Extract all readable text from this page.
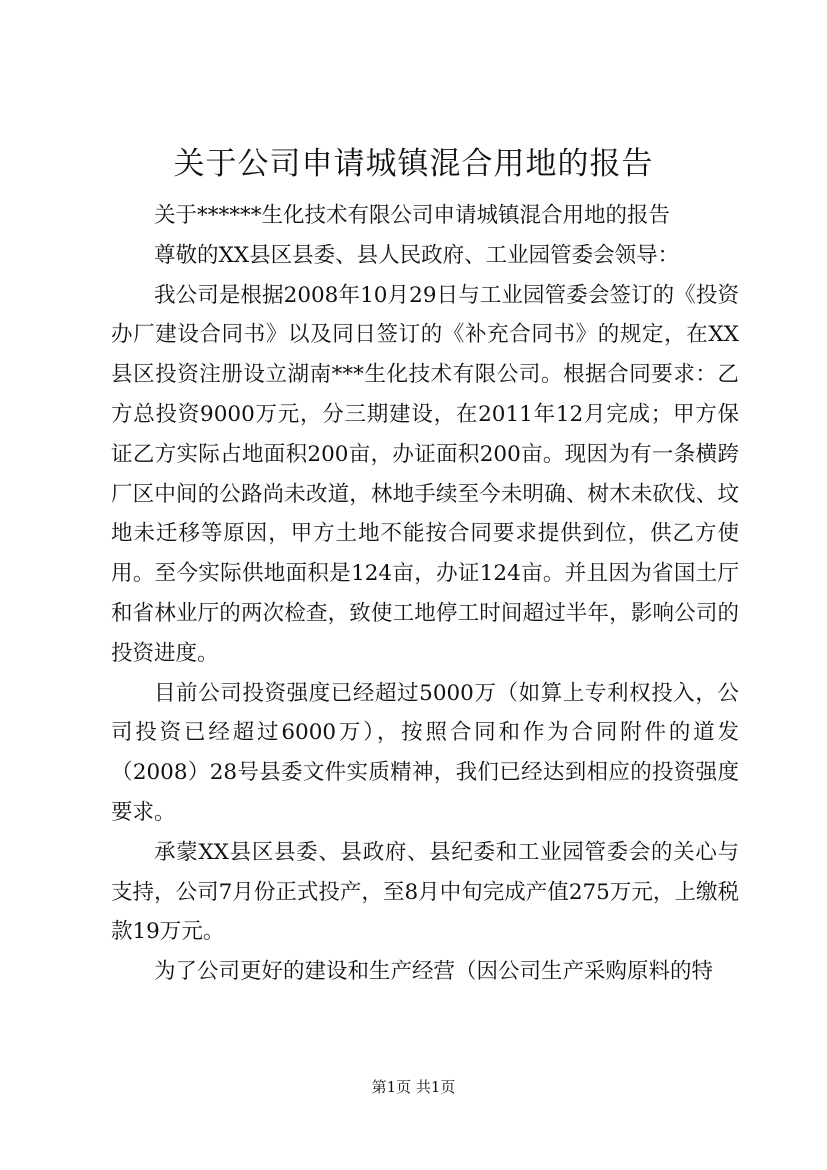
关于公司申请城镇混合用地的报告

关于******生化技术有限公司申请城镇混合用地的报告

尊敬的XX县区县委、县人民政府、工业园管委会领导：

我公司是根据2008年10月29日与工业园管委会签订的《投资办厂建设合同书》以及同日签订的《补充合同书》的规定，在XX县区投资注册设立湖南***生化技术有限公司。根据合同要求：乙方总投资9000万元，分三期建设，在2011年12月完成；甲方保证乙方实际占地面积200亩，办证面积200亩。现因为有一条横跨厂区中间的公路尚未改道，林地手续至今未明确、树木未砍伐、坟地未迁移等原因，甲方土地不能按合同要求提供到位，供乙方使用。至今实际供地面积是124亩，办证124亩。并且因为省国土厅和省林业厅的两次检查，致使工地停工时间超过半年，影响公司的投资进度。

目前公司投资强度已经超过5000万（如算上专利权投入，公司投资已经超过6000万），按照合同和作为合同附件的道发（2008）28号县委文件实质精神，我们已经达到相应的投资强度要求。

承蒙XX县区县委、县政府、县纪委和工业园管委会的关心与支持，公司7月份正式投产，至8月中旬完成产值275万元，上缴税款19万元。

为了公司更好的建设和生产经营（因公司生产采购原料的特

第1页 共1页
